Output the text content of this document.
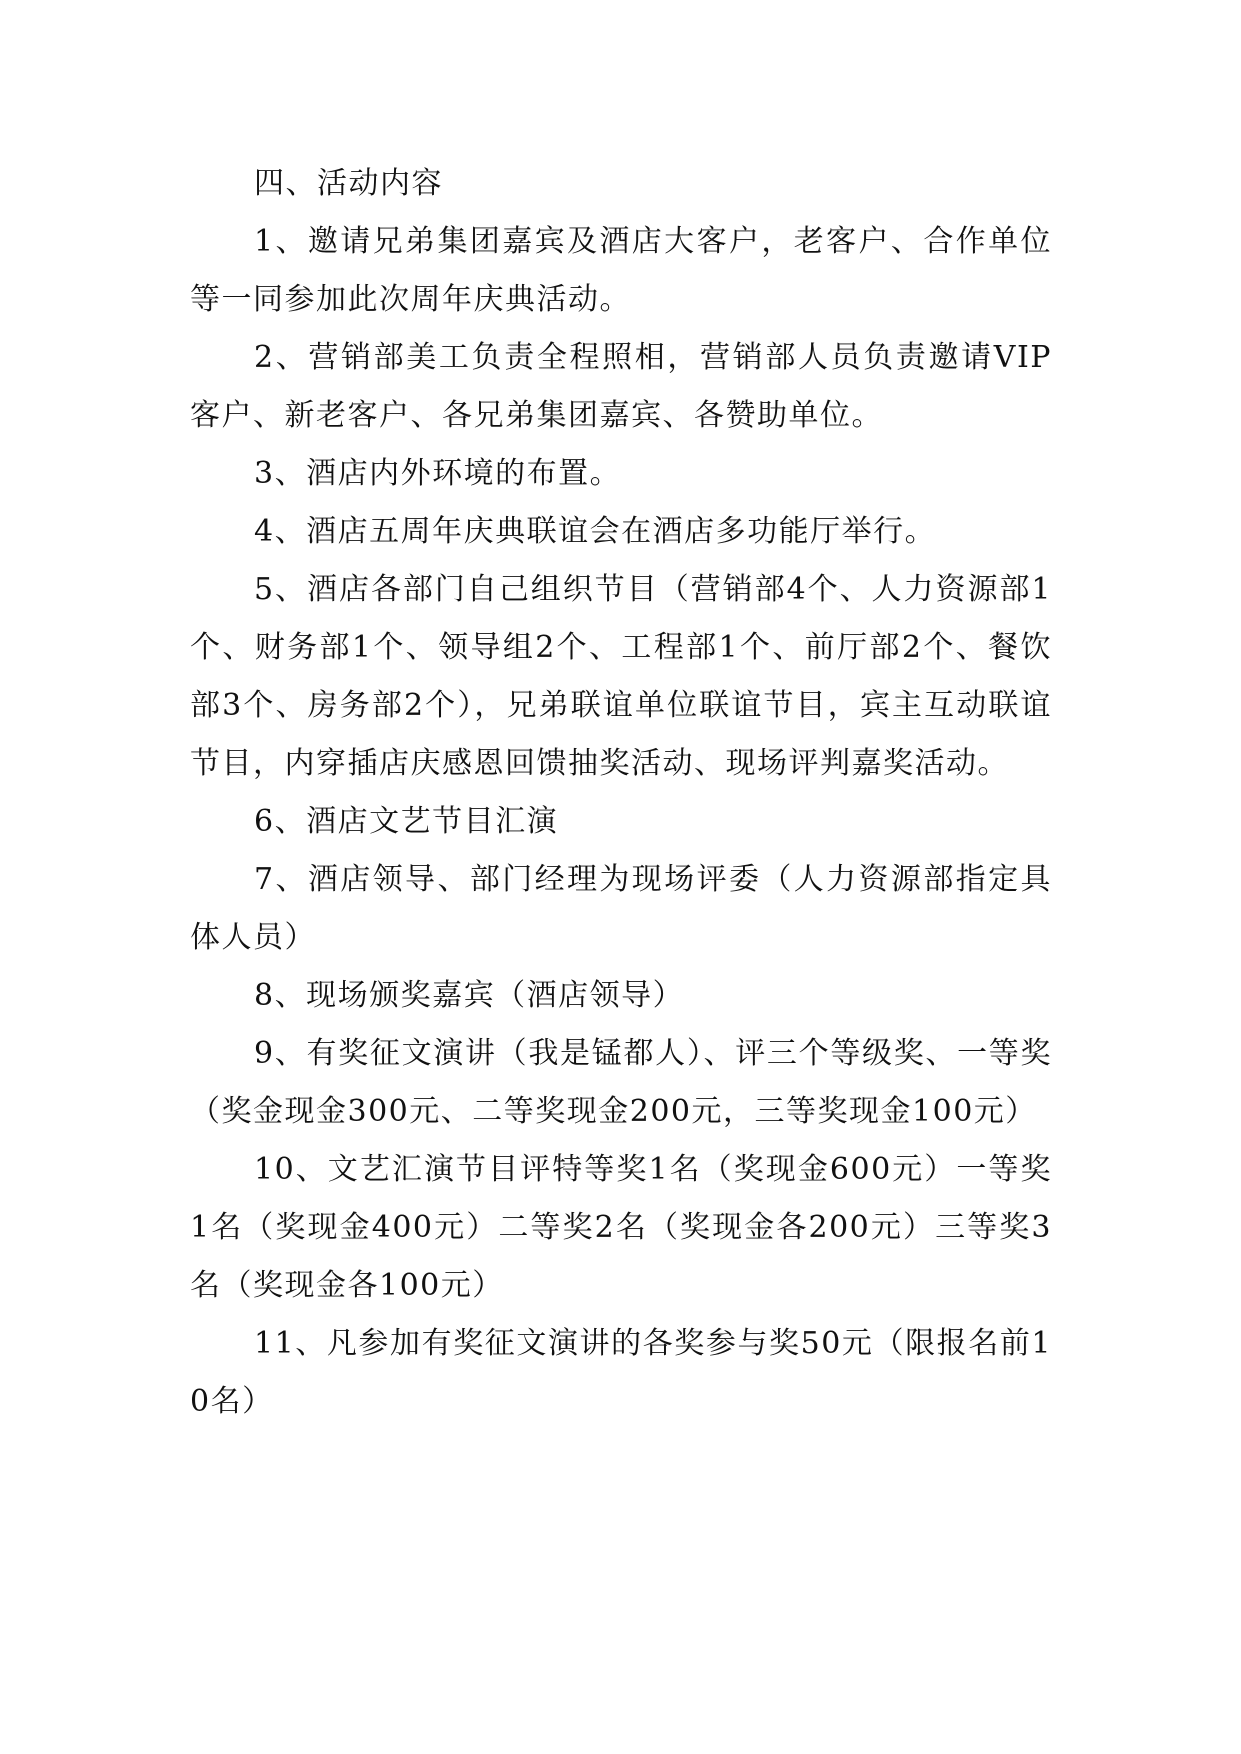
四、活动内容

1、邀请兄弟集团嘉宾及酒店大客户，老客户、合作单位等一同参加此次周年庆典活动。

2、营销部美工负责全程照相，营销部人员负责邀请VIP客户、新老客户、各兄弟集团嘉宾、各赞助单位。

3、酒店内外环境的布置。

4、酒店五周年庆典联谊会在酒店多功能厅举行。

5、酒店各部门自己组织节目（营销部4个、人力资源部1个、财务部1个、领导组2个、工程部1个、前厅部2个、餐饮部3个、房务部2个），兄弟联谊单位联谊节目，宾主互动联谊节目，内穿插店庆感恩回馈抽奖活动、现场评判嘉奖活动。

6、酒店文艺节目汇演

7、酒店领导、部门经理为现场评委（人力资源部指定具体人员）

8、现场颁奖嘉宾（酒店领导）

9、有奖征文演讲（我是锰都人）、评三个等级奖、一等奖（奖金现金300元、二等奖现金200元，三等奖现金100元）

10、文艺汇演节目评特等奖1名（奖现金600元）一等奖1名（奖现金400元）二等奖2名（奖现金各200元）三等奖3名（奖现金各100元）

11、凡参加有奖征文演讲的各奖参与奖50元（限报名前10名）
